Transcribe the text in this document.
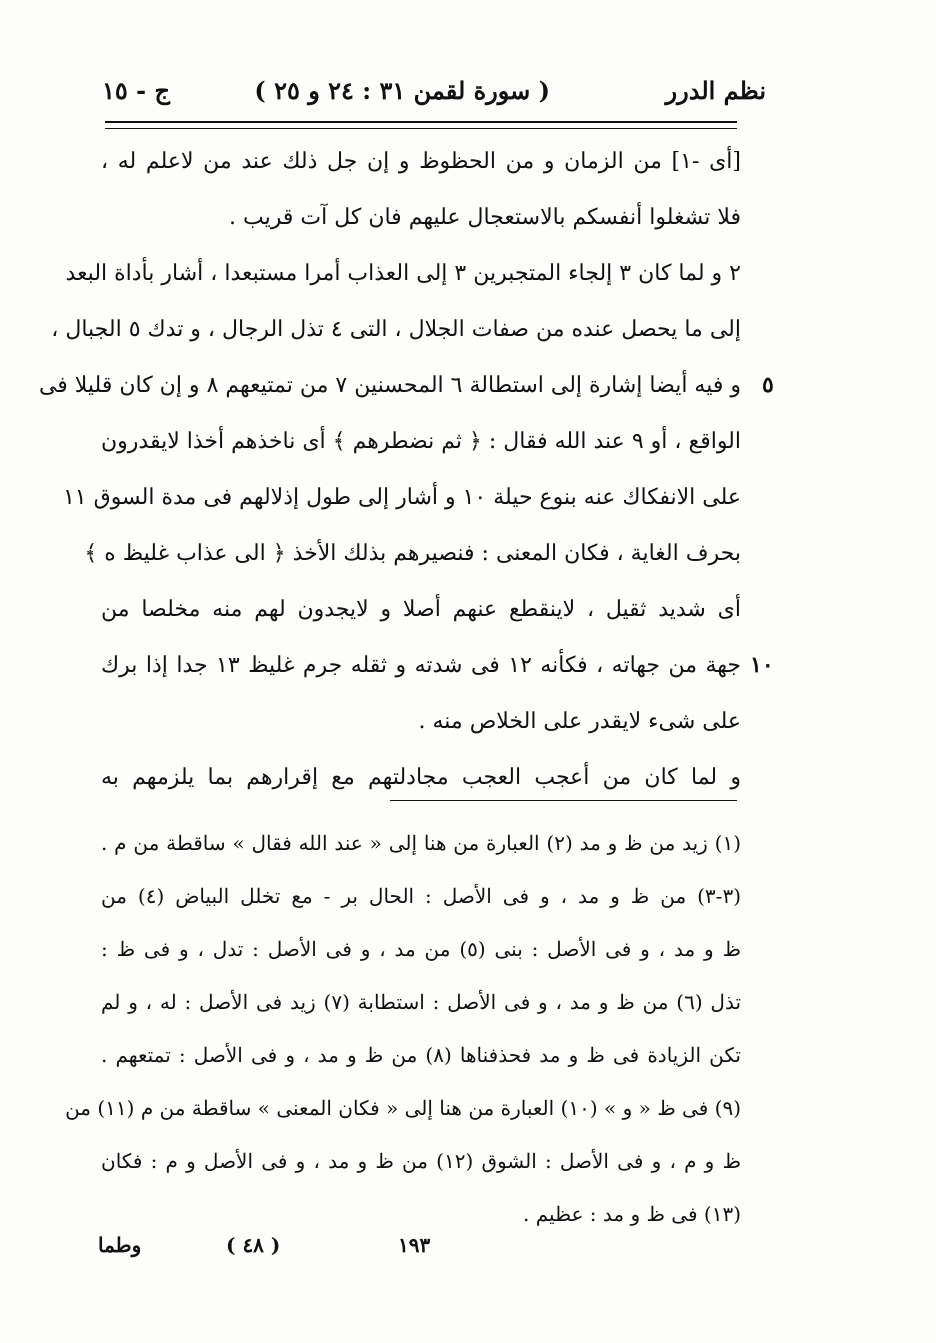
نظم الدرر
( سورة لقمن ٣١ : ٢٤ و ٢٥ )
ج - ١٥
[أى -١] من الزمان و من الحظوظ و إن جل ذلك عند من لاعلم له ،
فلا تشغلوا أنفسكم بالاستعجال عليهم فان كل آت قريب .
٢ و لما كان ٣ إلجاء المتجبرين ٣ إلى العذاب أمرا مستبعدا ، أشار بأداة البعد
إلى ما يحصل عنده من صفات الجلال ، التى ٤ تذل الرجال ، و تدك ٥ الجبال ،
و فيه أيضا إشارة إلى استطالة ٦ المحسنين ٧ من تمتيعهم ٨ و إن كان قليلا فى
الواقع ، أو ٩ عند الله فقال : ﴿ ثم نضطرهم ﴾ أى ناخذهم أخذا لايقدرون
على الانفكاك عنه بنوع حيلة ١٠ و أشار إلى طول إذلالهم فى مدة السوق ١١
بحرف الغاية ، فكان المعنى : فنصيرهم بذلك الأخذ ﴿ الى عذاب غليظ ه ﴾
أى شديد ثقيل ، لاينقطع عنهم أصلا و لايجدون لهم منه مخلصا من
جهة من جهاته ، فكأنه ١٢ فى شدته و ثقله جرم غليظ ١٣ جدا إذا برك
على شىء لايقدر على الخلاص منه .
و لما كان من أعجب العجب مجادلتهم مع إقرارهم بما يلزمهم به
٥
١٠
(١) زيد من ظ و مد (٢) العبارة من هنا إلى « عند الله فقال » ساقطة من م .
(٣-٣) من ظ و مد ، و فى الأصل : الحال بر - مع تخلل البياض (٤) من
ظ و مد ، و فى الأصل : بنى (٥) من مد ، و فى الأصل : تدل ، و فى ظ :
تذل (٦) من ظ و مد ، و فى الأصل : استطابة (٧) زيد فى الأصل : له ، و لم
تكن الزيادة فى ظ و مد فحذفناها (٨) من ظ و مد ، و فى الأصل : تمتعهم .
(٩) فى ظ « و » (١٠) العبارة من هنا إلى « فكان المعنى » ساقطة من م (١١) من
ظ و م ، و فى الأصل : الشوق (١٢) من ظ و مد ، و فى الأصل و م : فكان
(١٣) فى ظ و مد : عظيم .
١٩٣
( ٤٨ )
وطما
